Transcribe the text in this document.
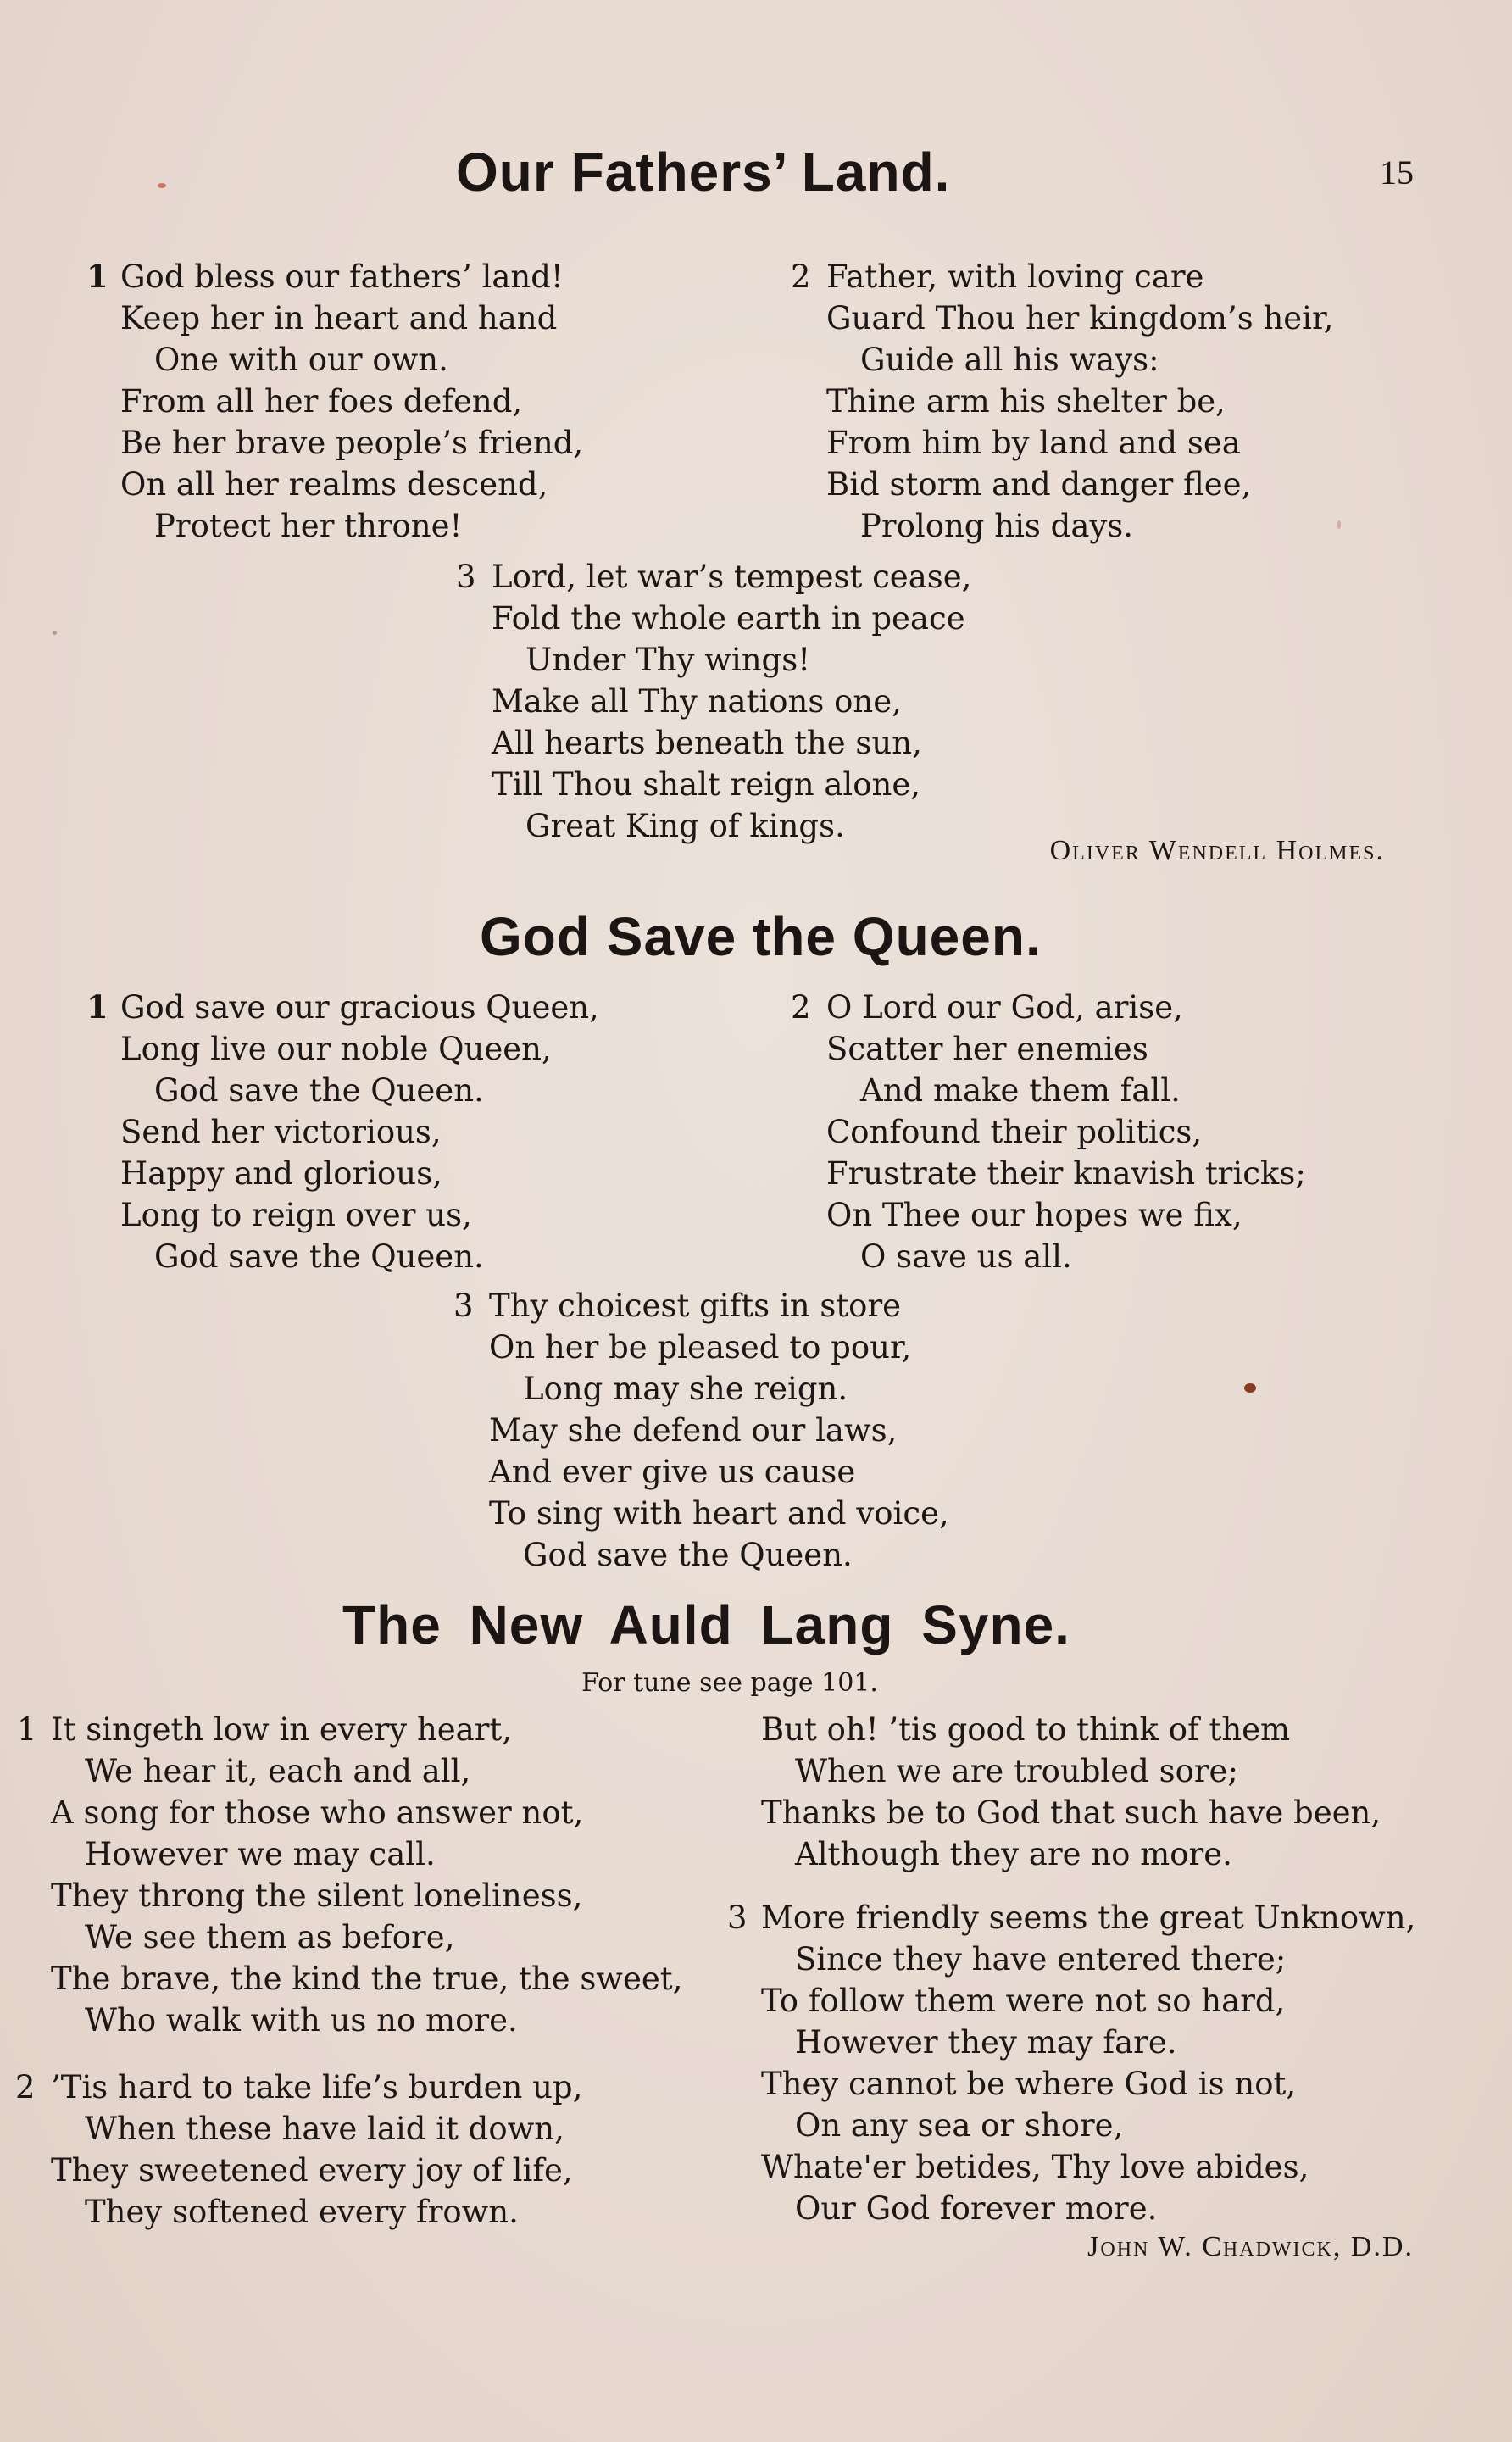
15
Our Fathers’ Land.
1 God bless our fathers’ land!
Keep her in heart and hand
One with our own.
From all her foes defend,
Be her brave people’s friend,
On all her realms descend,
Protect her throne!
2 Father, with loving care
Guard Thou her kingdom’s heir,
Guide all his ways:
Thine arm his shelter be,
From him by land and sea
Bid storm and danger flee,
Prolong his days.
3 Lord, let war’s tempest cease,
Fold the whole earth in peace
Under Thy wings!
Make all Thy nations one,
All hearts beneath the sun,
Till Thou shalt reign alone,
Great King of kings.
Oliver Wendell Holmes.
God Save the Queen.
1 God save our gracious Queen,
Long live our noble Queen,
God save the Queen.
Send her victorious,
Happy and glorious,
Long to reign over us,
God save the Queen.
2 O Lord our God, arise,
Scatter her enemies
And make them fall.
Confound their politics,
Frustrate their knavish tricks;
On Thee our hopes we fix,
O save us all.
3 Thy choicest gifts in store
On her be pleased to pour,
Long may she reign.
May she defend our laws,
And ever give us cause
To sing with heart and voice,
God save the Queen.
The New Auld Lang Syne.
For tune see page 101.
1 It singeth low in every heart,
We hear it, each and all,
A song for those who answer not,
However we may call.
They throng the silent loneliness,
We see them as before,
The brave, the kind the true, the sweet,
Who walk with us no more.
2 ’Tis hard to take life’s burden up,
When these have laid it down,
They sweetened every joy of life,
They softened every frown.
But oh! ’tis good to think of them
When we are troubled sore;
Thanks be to God that such have been,
Although they are no more.
3 More friendly seems the great Unknown,
Since they have entered there;
To follow them were not so hard,
However they may fare.
They cannot be where God is not,
On any sea or shore,
Whate'er betides, Thy love abides,
Our God forever more.
John W. Chadwick, D.D.
